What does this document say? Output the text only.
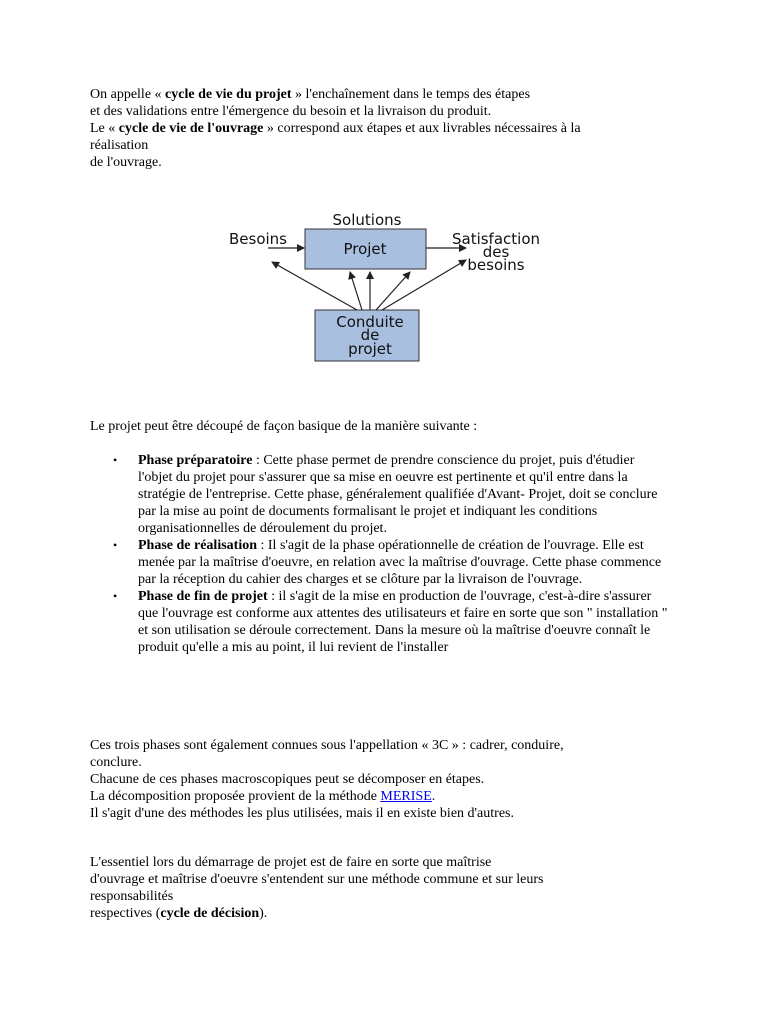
On appelle « cycle de vie du projet » l'enchaînement dans le temps des étapes
et des validations entre l'émergence du besoin et la livraison du produit.
Le « cycle de vie de l'ouvrage » correspond aux étapes et aux livrables nécessaires à la
réalisation
de l'ouvrage.
Solutions
Besoins	Satisfaction
des
besoins
Projet
Conduite
de
projet
Le projet peut être découpé de façon basique de la manière suivante :
• Phase préparatoire : Cette phase permet de prendre conscience du projet, puis d'étudier l'objet du projet pour s'assurer que sa mise en oeuvre est pertinente et qu'il entre dans la stratégie de l'entreprise. Cette phase, généralement qualifiée d'Avant- Projet, doit se conclure par la mise au point de documents formalisant le projet et indiquant les conditions organisationnelles de déroulement du projet.
• Phase de réalisation : Il s'agit de la phase opérationnelle de création de l'ouvrage. Elle est menée par la maîtrise d'oeuvre, en relation avec la maîtrise d'ouvrage. Cette phase commence par la réception du cahier des charges et se clôture par la livraison de l'ouvrage.
• Phase de fin de projet : il s'agit de la mise en production de l'ouvrage, c'est-à-dire s'assurer que l'ouvrage est conforme aux attentes des utilisateurs et faire en sorte que son " installation " et son utilisation se déroule correctement. Dans la mesure où la maîtrise d'oeuvre connaît le produit qu'elle a mis au point, il lui revient de l'installer
Ces trois phases sont également connues sous l'appellation « 3C » : cadrer, conduire,
conclure.
Chacune de ces phases macroscopiques peut se décomposer en étapes.
La décomposition proposée provient de la méthode MERISE.
Il s'agit d'une des méthodes les plus utilisées, mais il en existe bien d'autres.
L'essentiel lors du démarrage de projet est de faire en sorte que maîtrise
d'ouvrage et maîtrise d'oeuvre s'entendent sur une méthode commune et sur leurs
responsabilités
respectives (cycle de décision).
